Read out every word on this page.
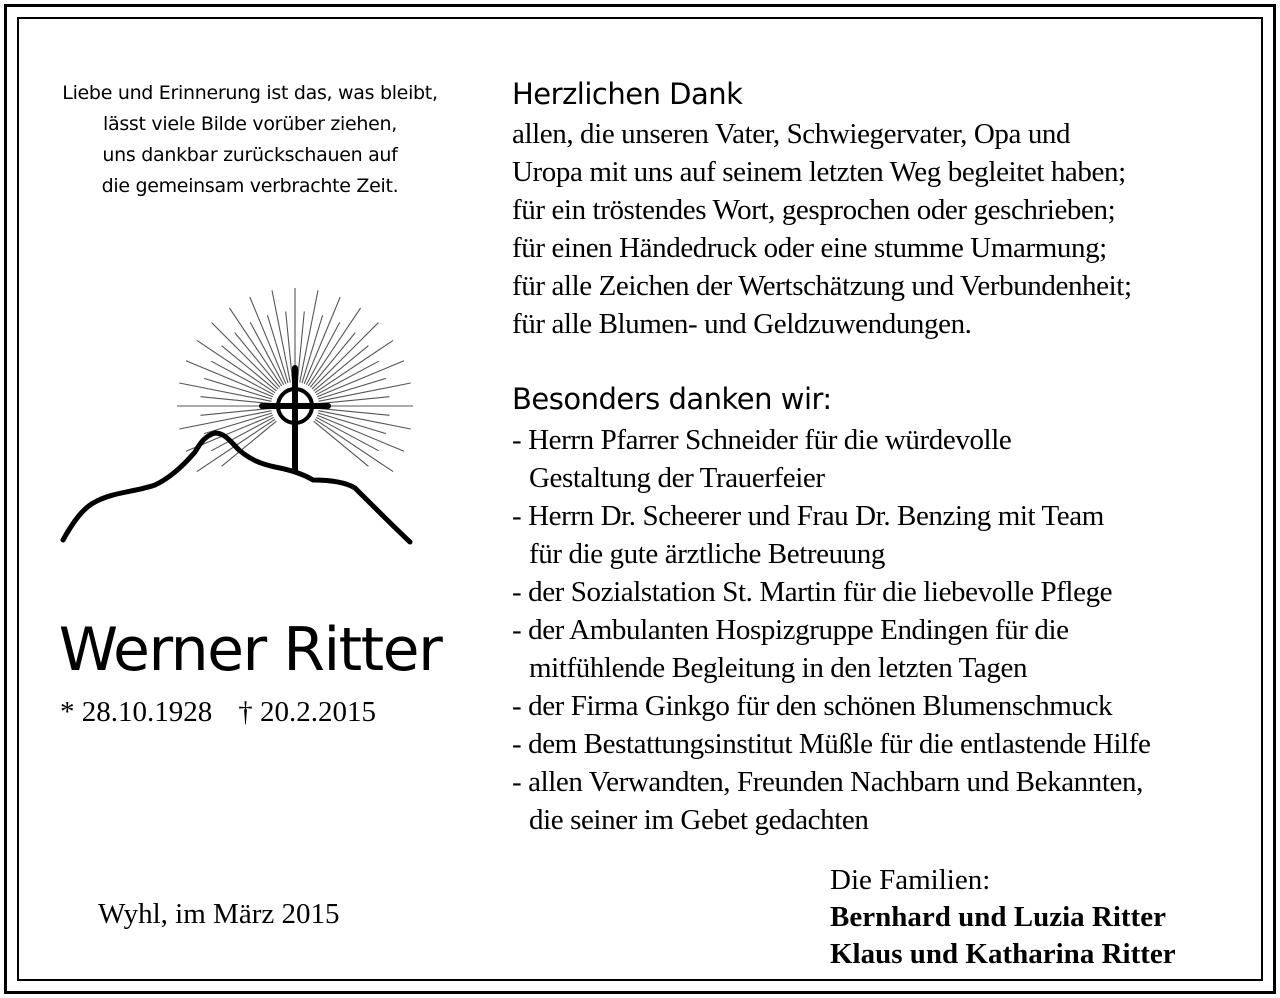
Liebe und Erinnerung ist das, was bleibt,
lässt viele Bilde vorüber ziehen,
uns dankbar zurückschauen auf
die gemeinsam verbrachte Zeit.
Werner Ritter
* 28.10.1928 † 20.2.2015
Wyhl, im März 2015
Herzlichen Dank
allen, die unseren Vater, Schwiegervater, Opa und
Uropa mit uns auf seinem letzten Weg begleitet haben;
für ein tröstendes Wort, gesprochen oder geschrieben;
für einen Händedruck oder eine stumme Umarmung;
für alle Zeichen der Wertschätzung und Verbundenheit;
für alle Blumen- und Geldzuwendungen.
Besonders danken wir:
- Herrn Pfarrer Schneider für die würdevolle
Gestaltung der Trauerfeier
- Herrn Dr. Scheerer und Frau Dr. Benzing mit Team
für die gute ärztliche Betreuung
- der Sozialstation St. Martin für die liebevolle Pflege
- der Ambulanten Hospizgruppe Endingen für die
mitfühlende Begleitung in den letzten Tagen
- der Firma Ginkgo für den schönen Blumenschmuck
- dem Bestattungsinstitut Müßle für die entlastende Hilfe
- allen Verwandten, Freunden Nachbarn und Bekannten,
die seiner im Gebet gedachten
Die Familien:
Bernhard und Luzia Ritter
Klaus und Katharina Ritter
